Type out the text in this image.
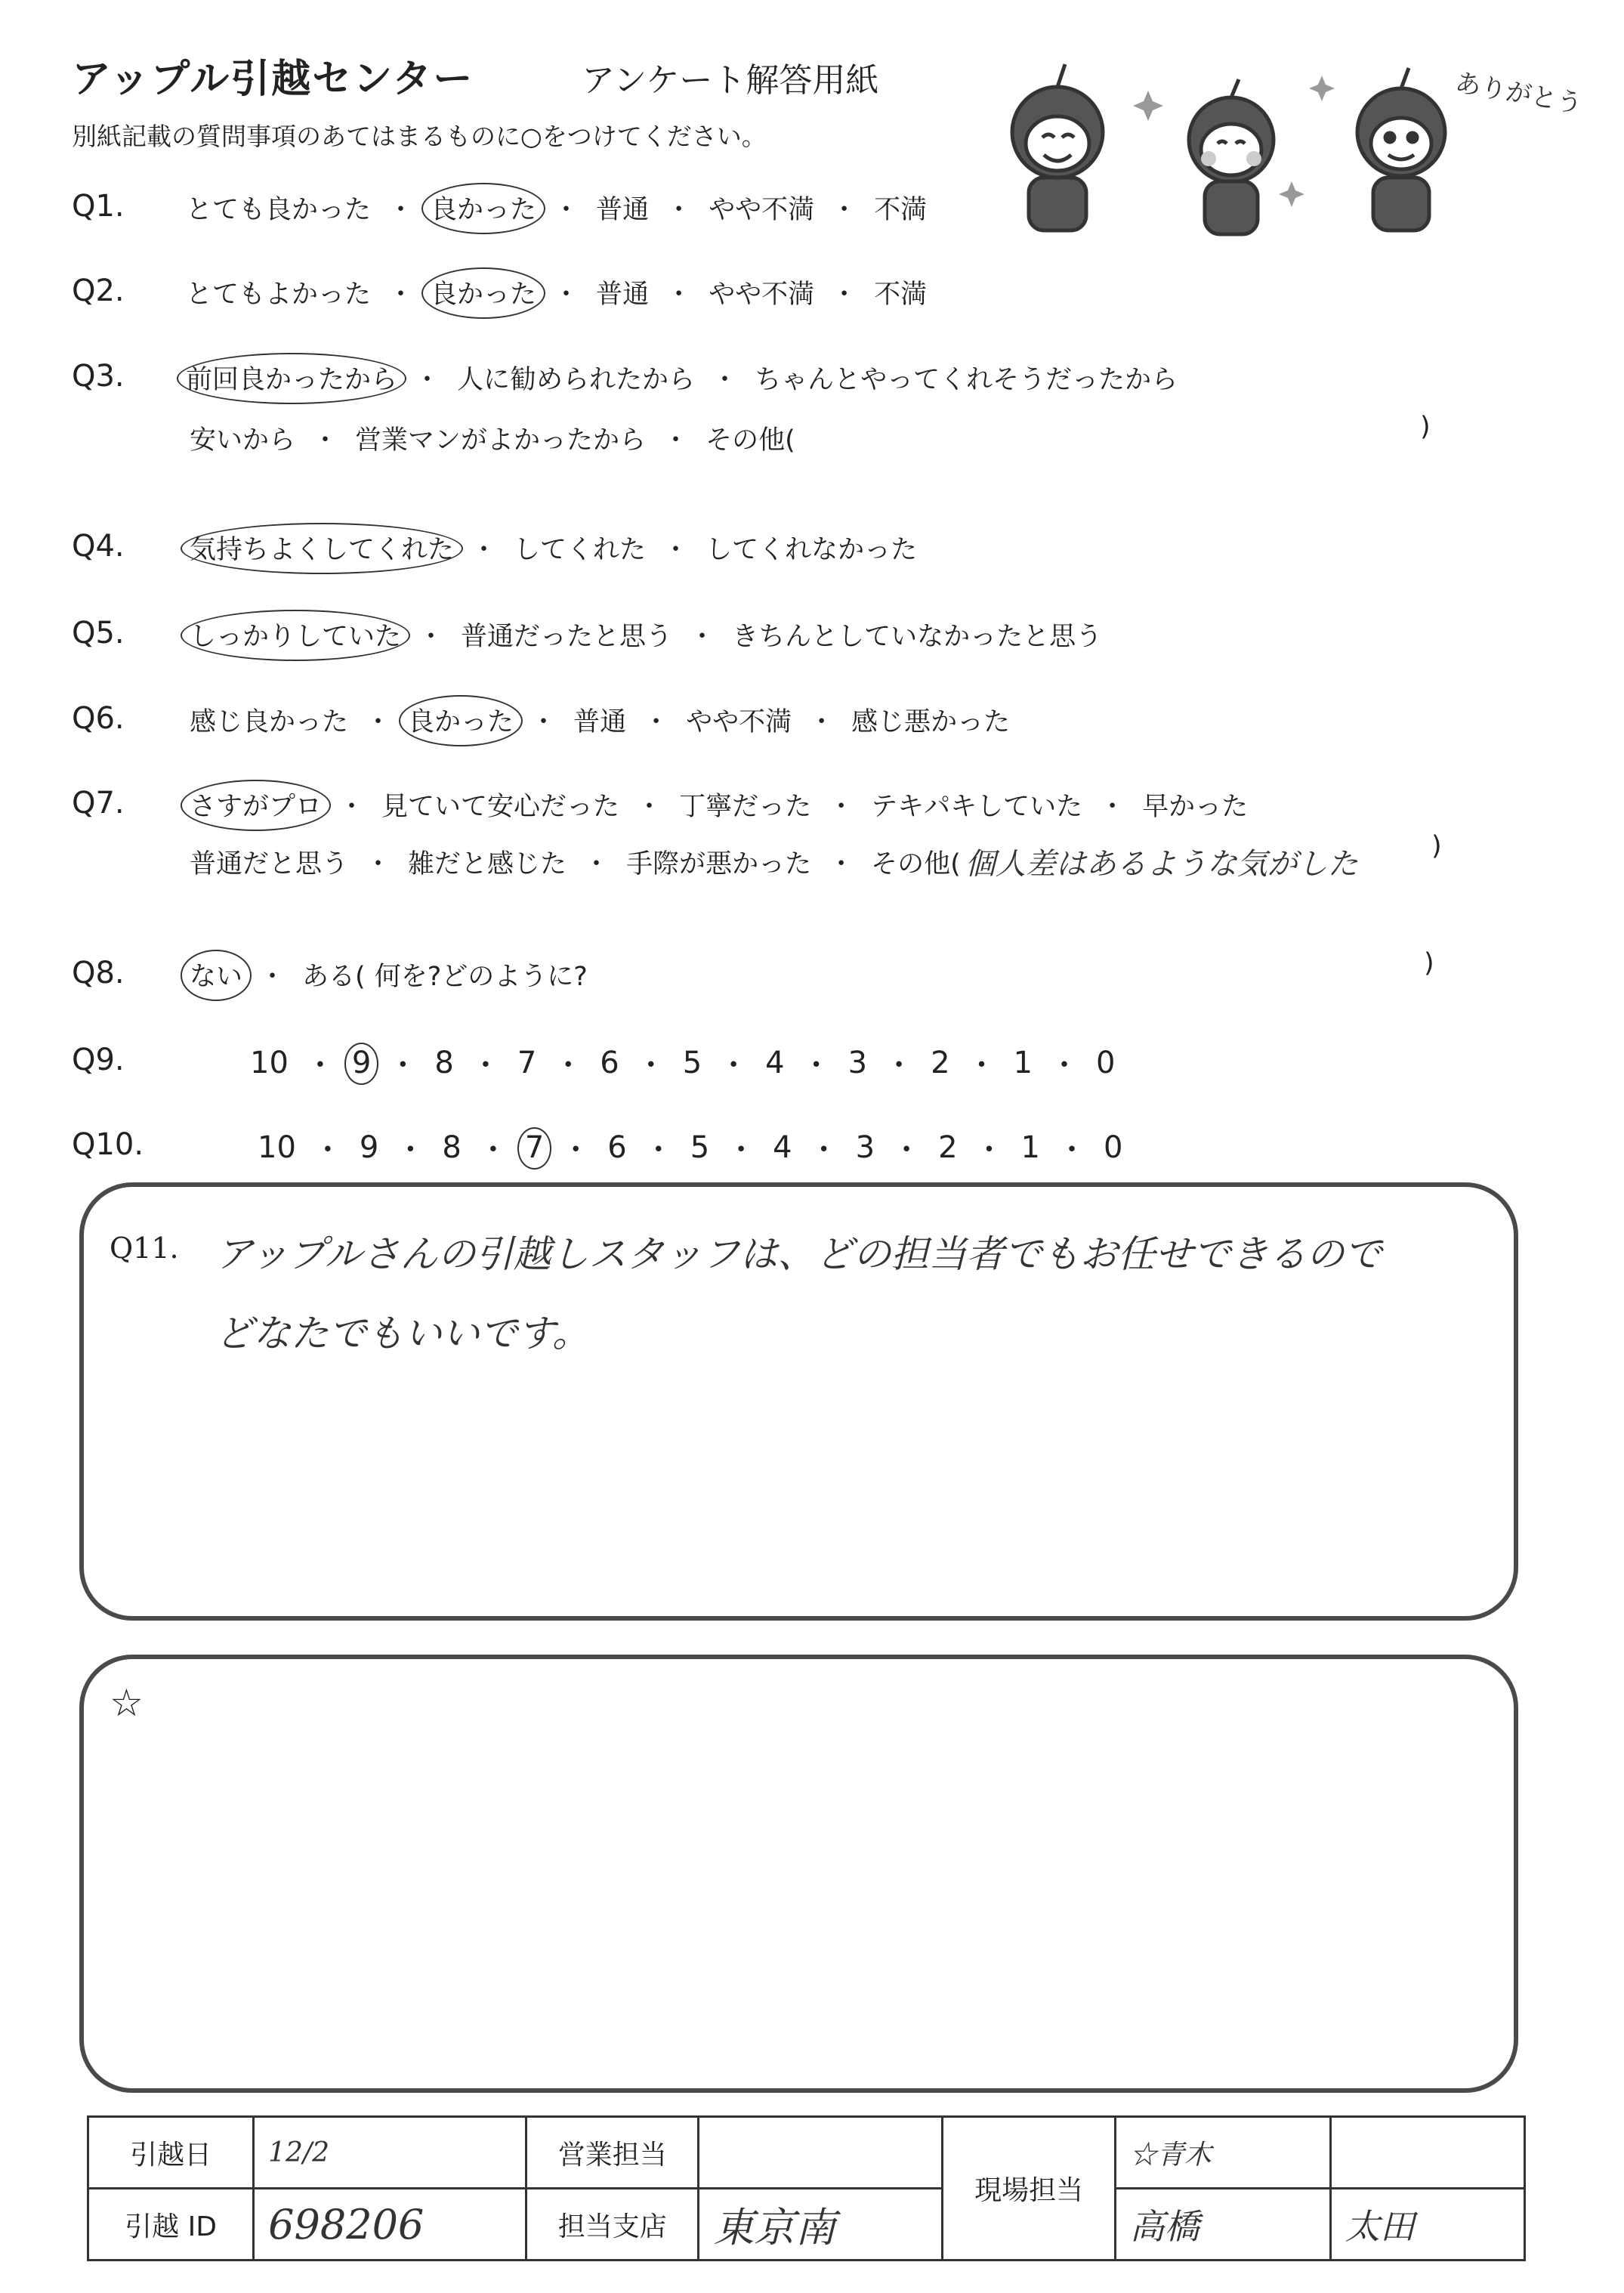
アップル引越センター	アンケート解答用紙
別紙記載の質問事項のあてはまるものに○をつけてください。
ありがとう
Q1. とても良かった ・ 良かった ・ 普通 ・ やや不満 ・ 不満
Q2. とてもよかった ・ 良かった ・ 普通 ・ やや不満 ・ 不満
Q3. 前回良かったから ・ 人に勧められたから ・ ちゃんとやってくれそうだったから
安いから ・ 営業マンがよかったから ・ その他(	)
Q4. 気持ちよくしてくれた ・ してくれた ・ してくれなかった
Q5. しっかりしていた ・ 普通だったと思う ・ きちんとしていなかったと思う
Q6. 感じ良かった ・ 良かった ・ 普通 ・ やや不満 ・ 感じ悪かった
Q7. さすがプロ ・ 見ていて安心だった ・ 丁寧だった ・ テキパキしていた ・ 早かった
普通だと思う ・ 雑だと感じた ・ 手際が悪かった ・ その他( 個人差はあるような気がした
)
Q8. ない ・ ある( 何を?どのように?	)
Q9.	10 ・ 9 ・ 8 ・ 7 ・ 6 ・ 5 ・ 4 ・ 3 ・ 2 ・ 1 ・ 0
Q10.	10 ・ 9 ・ 8 ・ 7 ・ 6 ・ 5 ・ 4 ・ 3 ・ 2 ・ 1 ・ 0
Q11. アップルさんの引越しスタッフは、どの担当者でもお任せできるので
どなたでもいいです。
☆
引越日	12/2	営業担当		現場担当	☆青木	
引越 ID	698206	担当支店	東京南		高橋	太田
